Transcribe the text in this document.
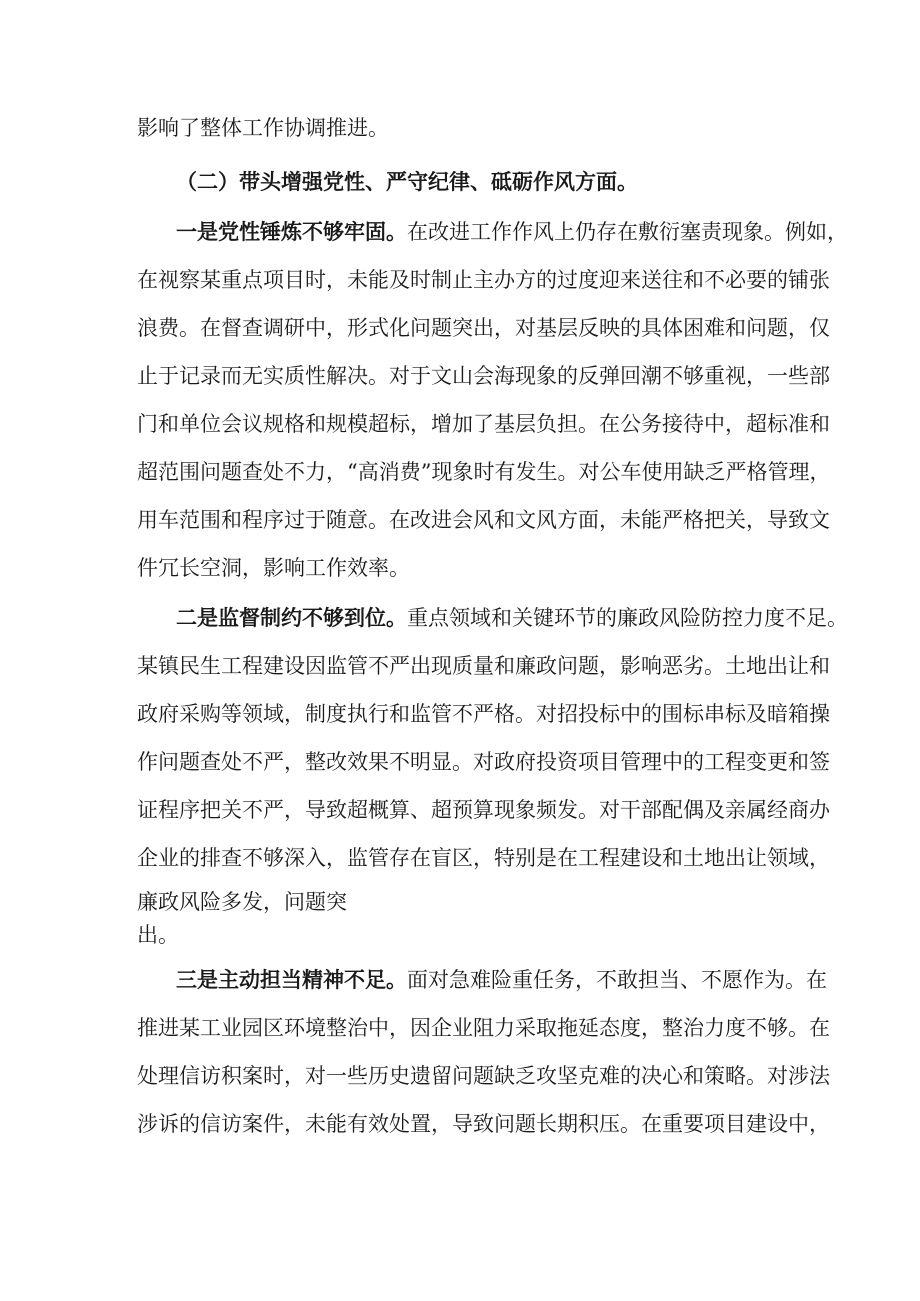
影响了整体工作协调推进。
（二）带头增强党性、严守纪律、砥砺作风方面。
一是党性锤炼不够牢固。在改进工作作风上仍存在敷衍塞责现象。例如，
在视察某重点项目时，未能及时制止主办方的过度迎来送往和不必要的铺张
浪费。在督查调研中，形式化问题突出，对基层反映的具体困难和问题，仅
止于记录而无实质性解决。对于文山会海现象的反弹回潮不够重视，一些部
门和单位会议规格和规模超标，增加了基层负担。在公务接待中，超标准和
超范围问题查处不力，“高消费”现象时有发生。对公车使用缺乏严格管理，
用车范围和程序过于随意。在改进会风和文风方面，未能严格把关，导致文
件冗长空洞，影响工作效率。
二是监督制约不够到位。重点领域和关键环节的廉政风险防控力度不足。
某镇民生工程建设因监管不严出现质量和廉政问题，影响恶劣。土地出让和
政府采购等领域，制度执行和监管不严格。对招投标中的围标串标及暗箱操
作问题查处不严，整改效果不明显。对政府投资项目管理中的工程变更和签
证程序把关不严，导致超概算、超预算现象频发。对干部配偶及亲属经商办
企业的排查不够深入，监管存在盲区，特别是在工程建设和土地出让领域，
廉政风险多发，问题突
出。
三是主动担当精神不足。面对急难险重任务，不敢担当、不愿作为。在
推进某工业园区环境整治中，因企业阻力采取拖延态度，整治力度不够。在
处理信访积案时，对一些历史遗留问题缺乏攻坚克难的决心和策略。对涉法
涉诉的信访案件，未能有效处置，导致问题长期积压。在重要项目建设中，
